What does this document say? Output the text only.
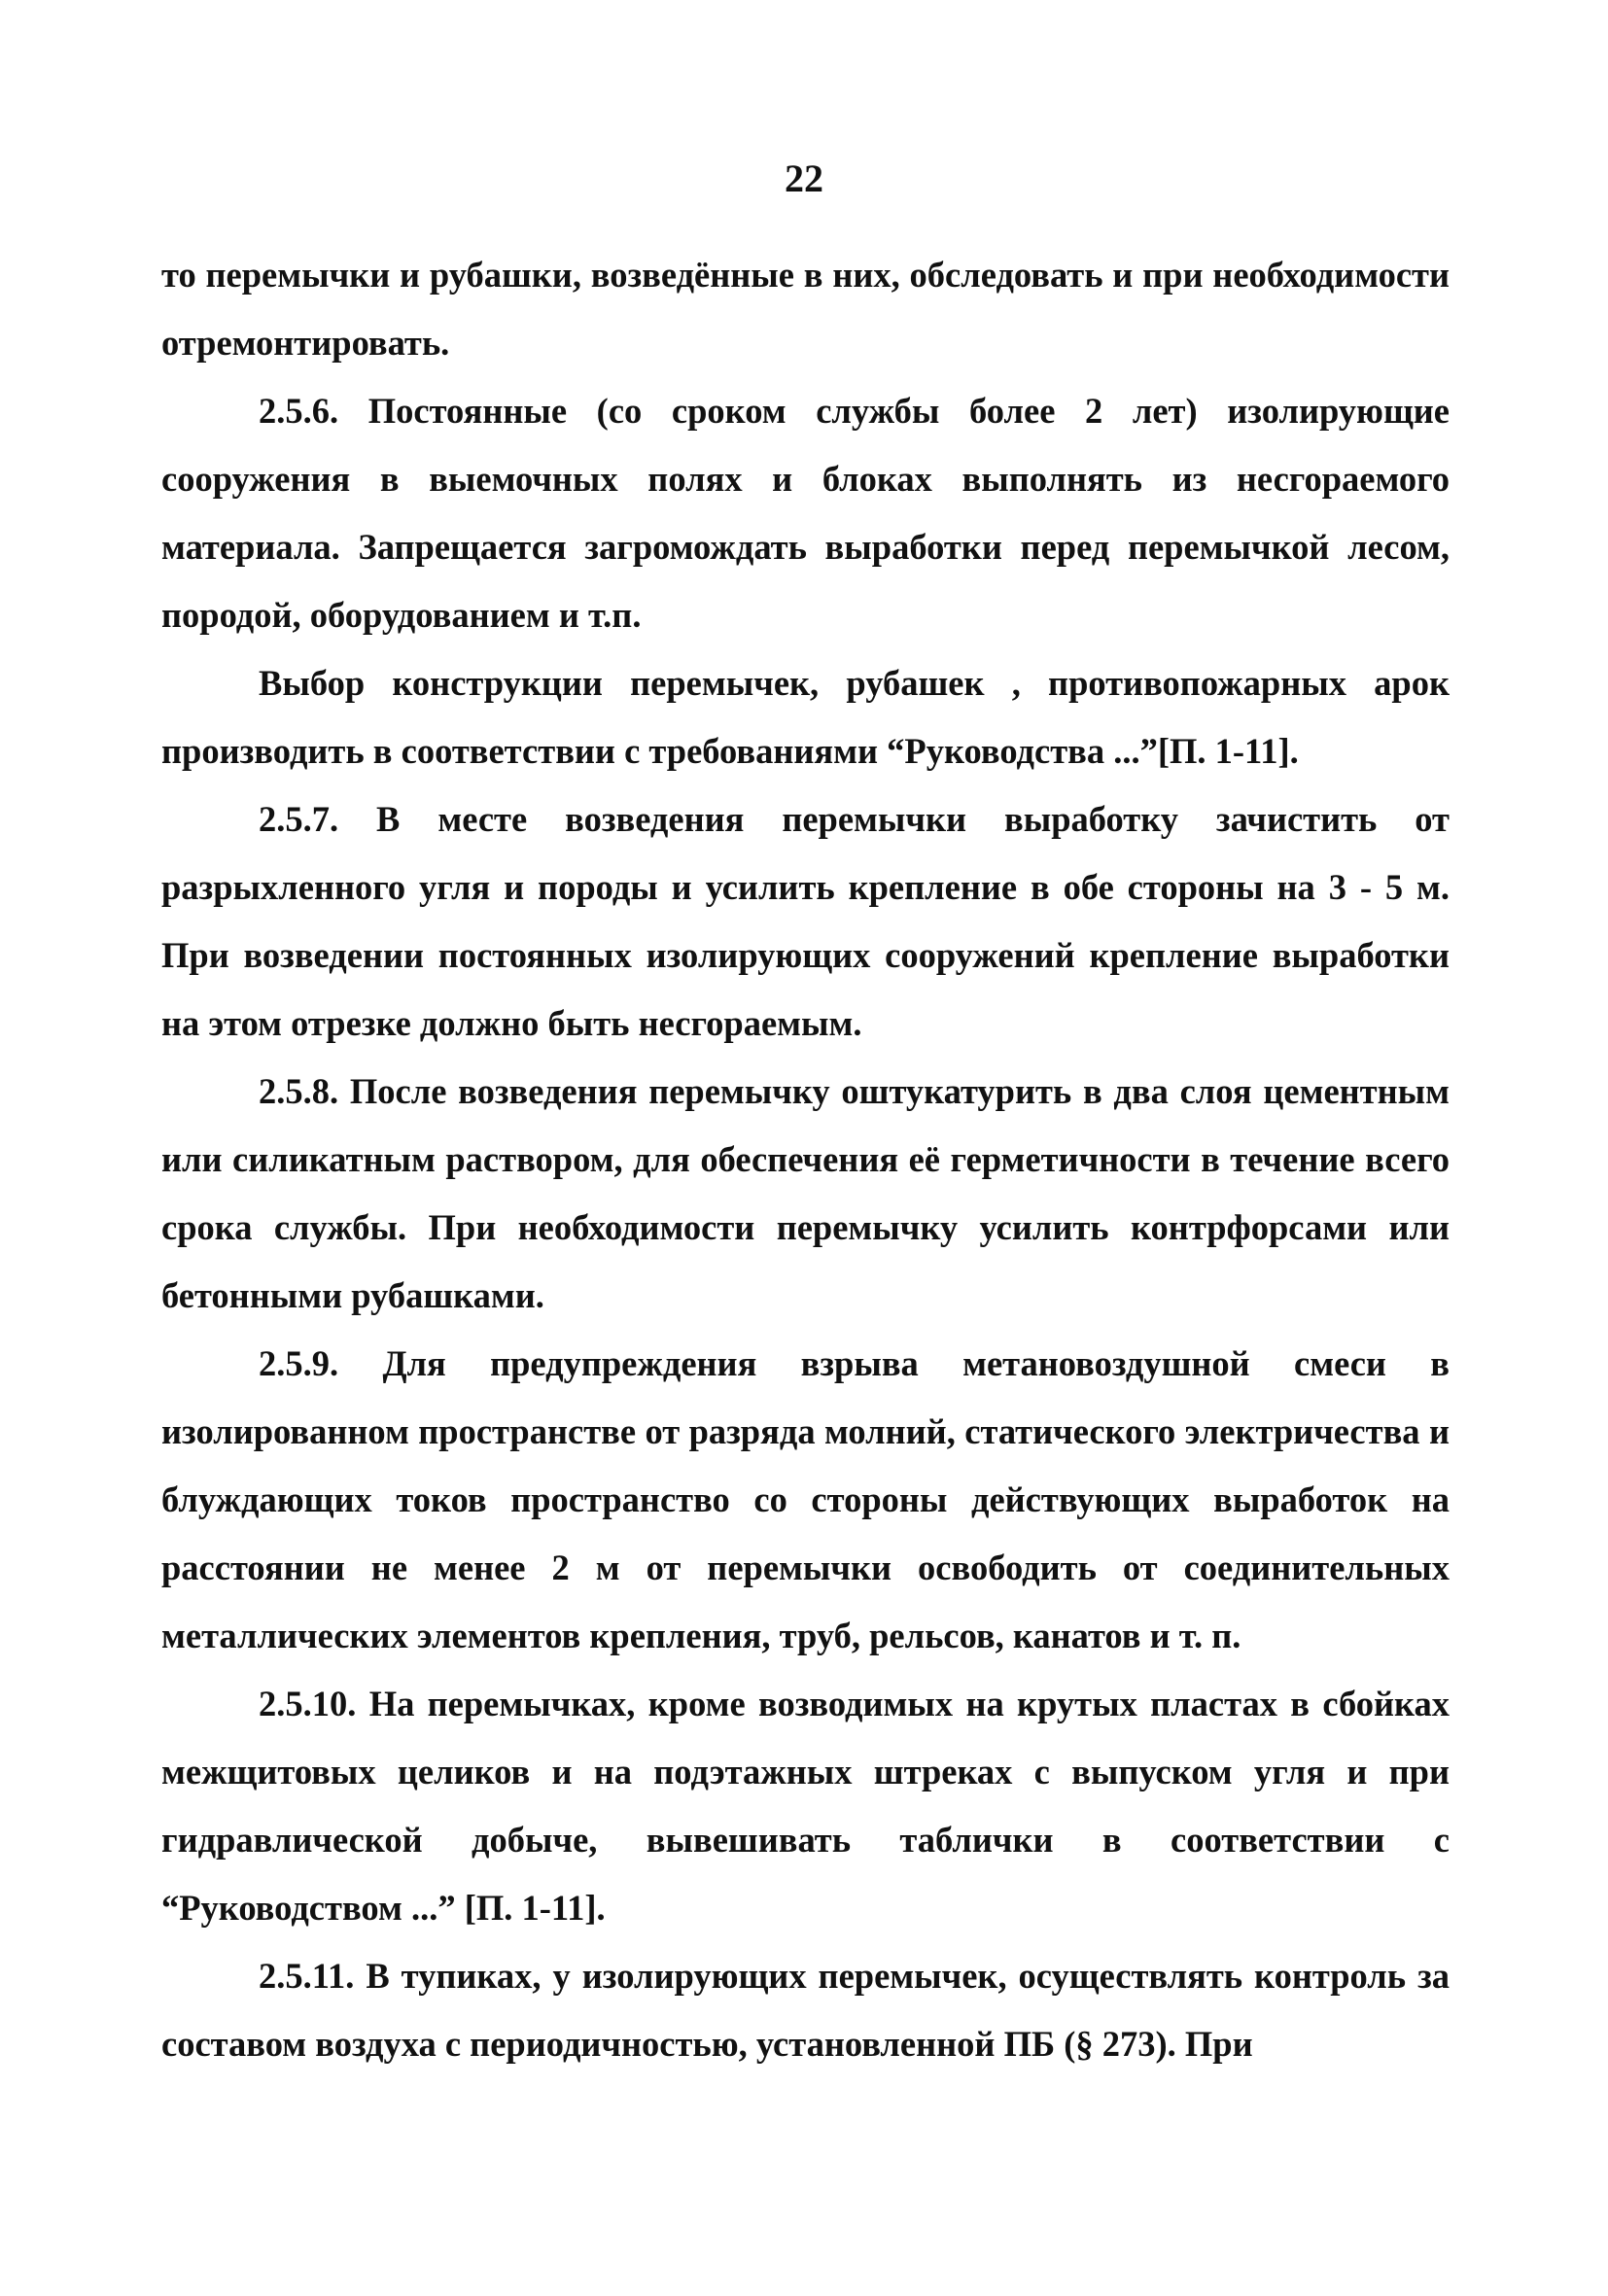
22

то перемычки и рубашки, возведённые в них, обследовать и при необходимости отремонтировать.

2.5.6. Постоянные (со сроком службы более 2 лет) изолирующие сооружения в выемочных полях и блоках выполнять из несгораемого материала. Запрещается загромождать выработки перед перемычкой лесом, породой, оборудованием и т.п.

Выбор конструкции перемычек, рубашек , противопожарных арок производить в соответствии с требованиями “Руководства ...”[П. 1-11].

2.5.7. В месте возведения перемычки выработку зачистить от разрыхленного угля и породы и усилить крепление в обе стороны на 3 - 5 м. При возведении постоянных изолирующих сооружений крепление выработки на этом отрезке должно быть несгораемым.

2.5.8. После возведения перемычку оштукатурить в два слоя цементным или силикатным раствором, для обеспечения её герметичности в течение всего срока службы. При необходимости перемычку усилить контрфорсами или бетонными рубашками.

2.5.9. Для предупреждения взрыва метановоздушной смеси в изолированном пространстве от разряда молний, статического электричества и блуждающих токов пространство со стороны действующих выработок на расстоянии не менее 2 м от перемычки освободить от соединительных металлических элементов крепления, труб, рельсов, канатов и т. п.

2.5.10. На перемычках, кроме возводимых на крутых пластах в сбойках межщитовых целиков и на подэтажных штреках с выпуском угля и при гидравлической добыче, вывешивать таблички в соответствии с “Руководством ...” [П. 1-11].

2.5.11. В тупиках, у изолирующих перемычек, осуществлять контроль за составом воздуха с периодичностью, установленной ПБ (§ 273). При
